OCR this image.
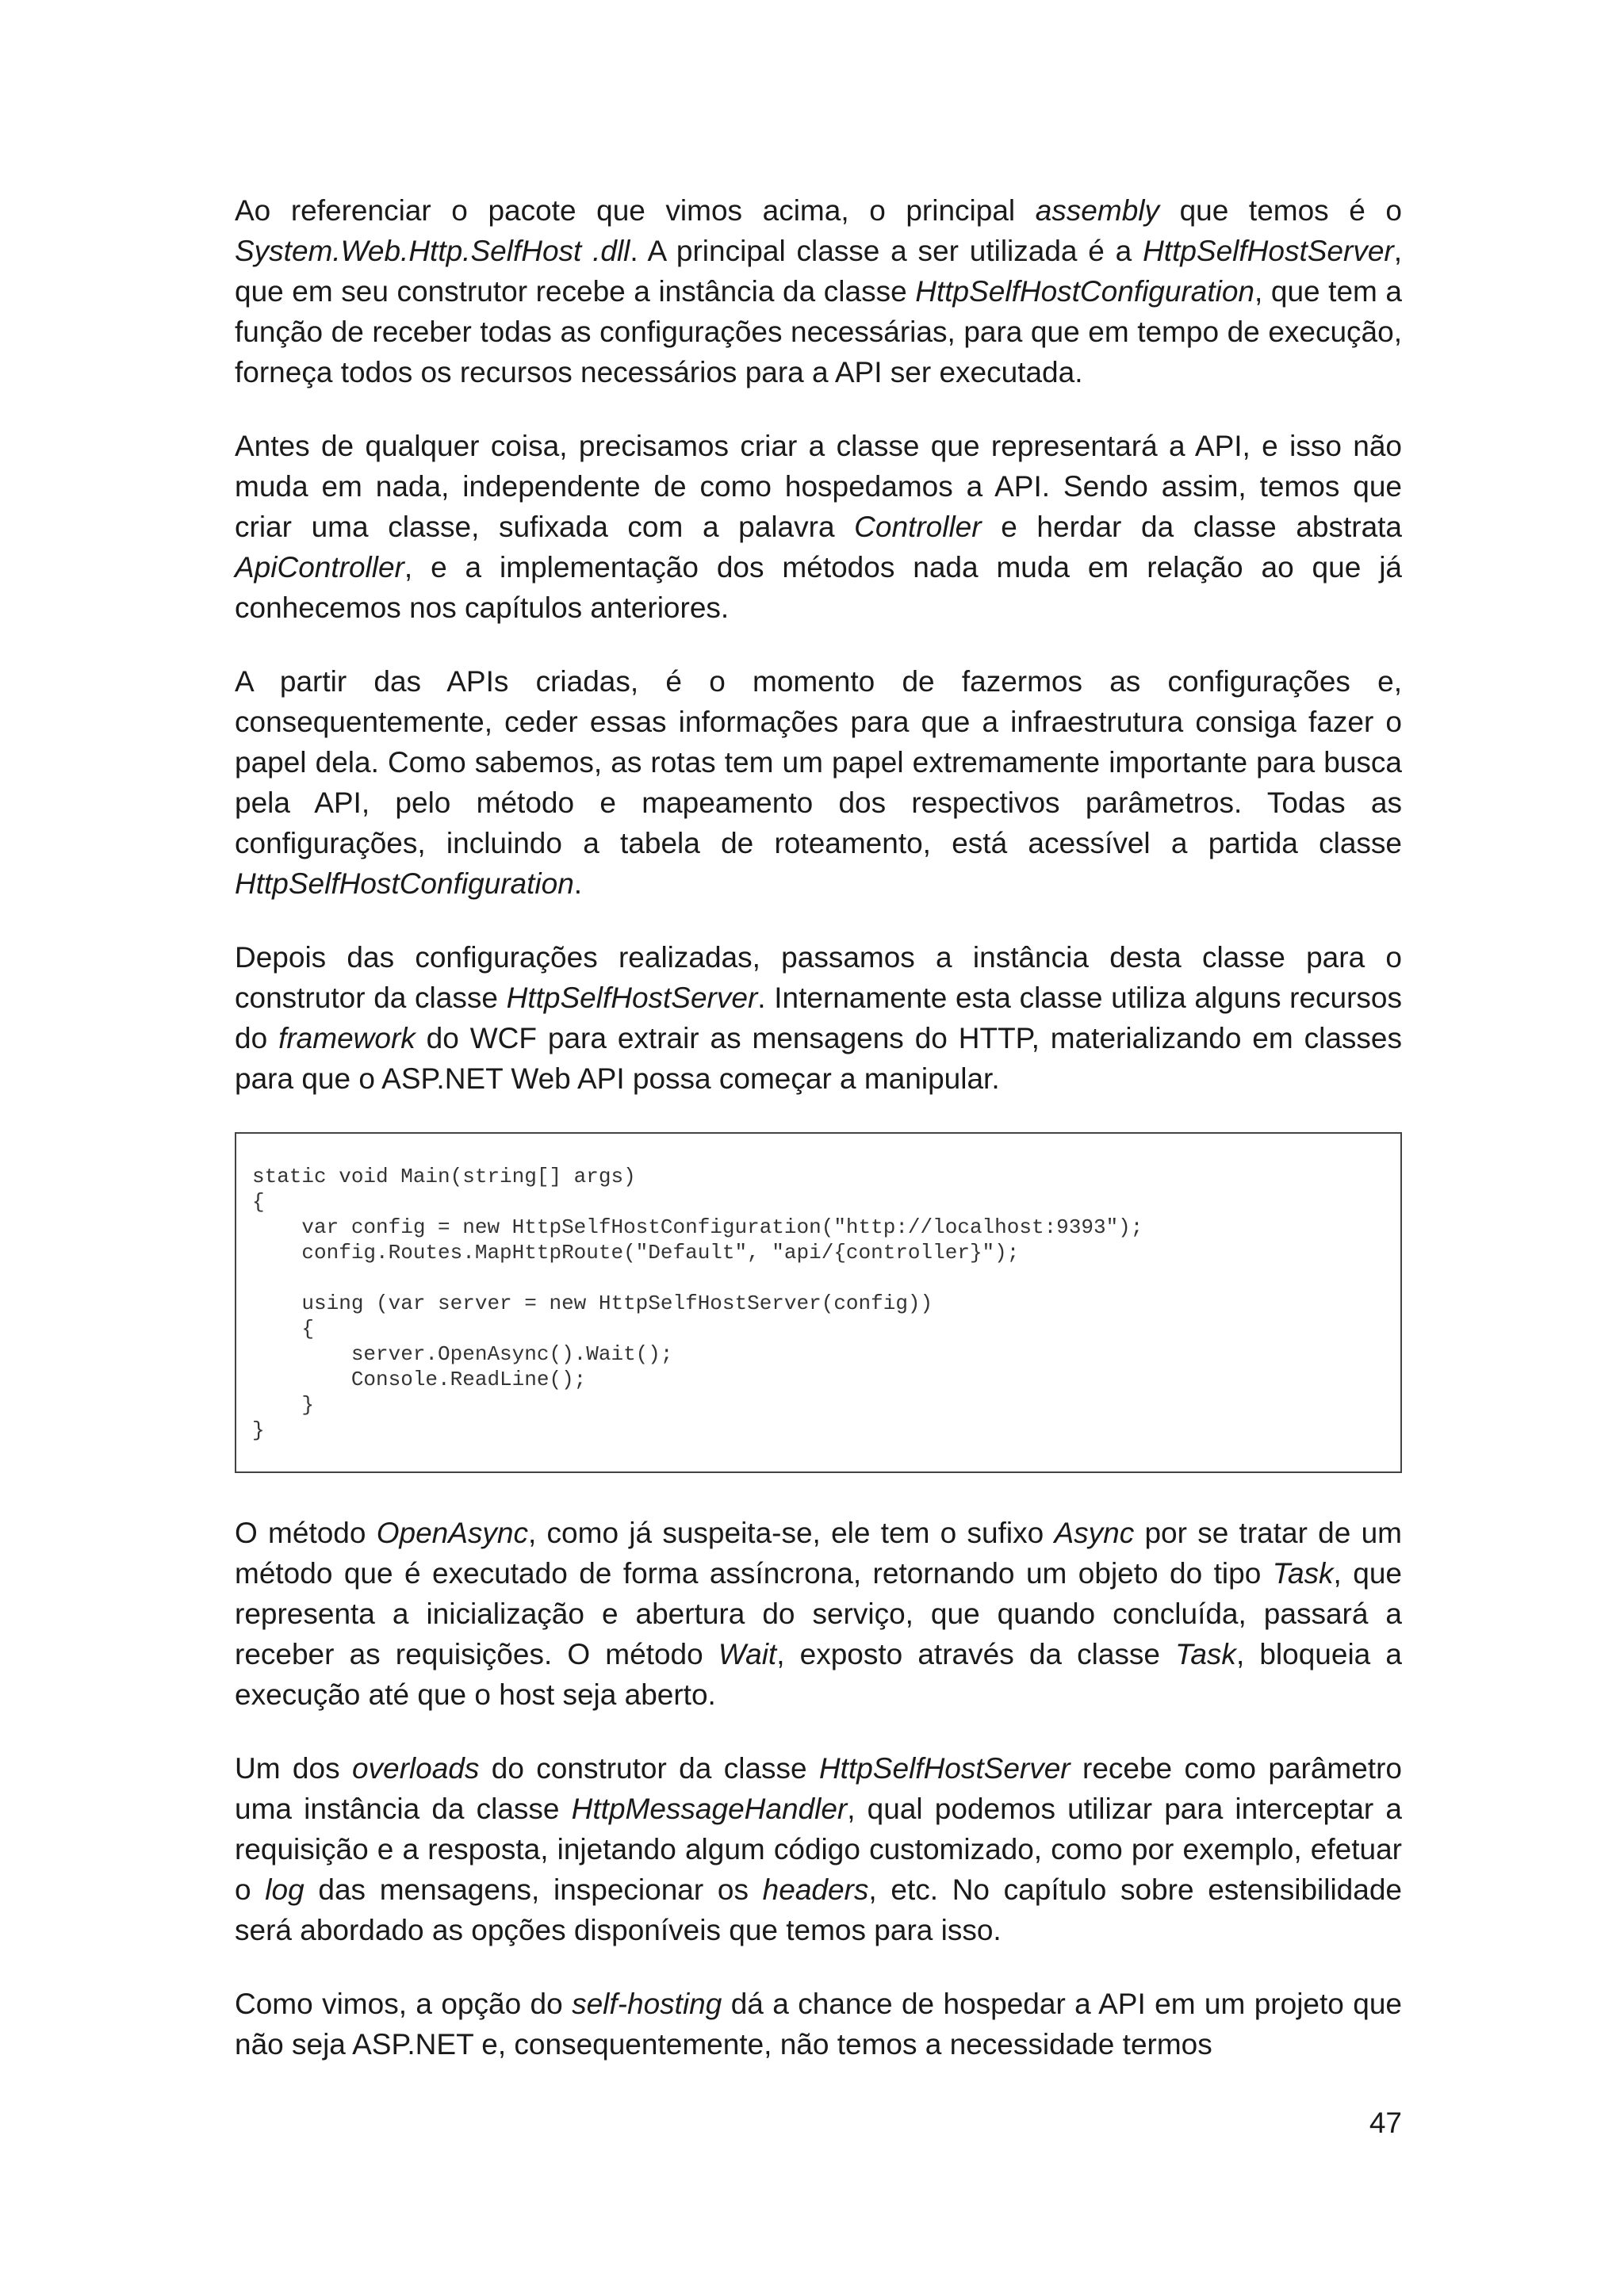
Ao referenciar o pacote que vimos acima, o principal assembly que temos é o System.Web.Http.SelfHost .dll. A principal classe a ser utilizada é a HttpSelfHostServer, que em seu construtor recebe a instância da classe HttpSelfHostConfiguration, que tem a função de receber todas as configurações necessárias, para que em tempo de execução, forneça todos os recursos necessários para a API ser executada.

Antes de qualquer coisa, precisamos criar a classe que representará a API, e isso não muda em nada, independente de como hospedamos a API. Sendo assim, temos que criar uma classe, sufixada com a palavra Controller e herdar da classe abstrata ApiController, e a implementação dos métodos nada muda em relação ao que já conhecemos nos capítulos anteriores.

A partir das APIs criadas, é o momento de fazermos as configurações e, consequentemente, ceder essas informações para que a infraestrutura consiga fazer o papel dela. Como sabemos, as rotas tem um papel extremamente importante para busca pela API, pelo método e mapeamento dos respectivos parâmetros. Todas as configurações, incluindo a tabela de roteamento, está acessível a partida classe HttpSelfHostConfiguration.

Depois das configurações realizadas, passamos a instância desta classe para o construtor da classe HttpSelfHostServer. Internamente esta classe utiliza alguns recursos do framework do WCF para extrair as mensagens do HTTP, materializando em classes para que o ASP.NET Web API possa começar a manipular.

static void Main(string[] args)
{
var config = new HttpSelfHostConfiguration("http://localhost:9393");
config.Routes.MapHttpRoute("Default", "api/{controller}");
using (var server = new HttpSelfHostServer(config))
{
server.OpenAsync().Wait();
Console.ReadLine();
}
}

O método OpenAsync, como já suspeita-se, ele tem o sufixo Async por se tratar de um método que é executado de forma assíncrona, retornando um objeto do tipo Task, que representa a inicialização e abertura do serviço, que quando concluída, passará a receber as requisições. O método Wait, exposto através da classe Task, bloqueia a execução até que o host seja aberto.

Um dos overloads do construtor da classe HttpSelfHostServer recebe como parâmetro uma instância da classe HttpMessageHandler, qual podemos utilizar para interceptar a requisição e a resposta, injetando algum código customizado, como por exemplo, efetuar o log das mensagens, inspecionar os headers, etc. No capítulo sobre estensibilidade será abordado as opções disponíveis que temos para isso.

Como vimos, a opção do self-hosting dá a chance de hospedar a API em um projeto que não seja ASP.NET e, consequentemente, não temos a necessidade termos

47
